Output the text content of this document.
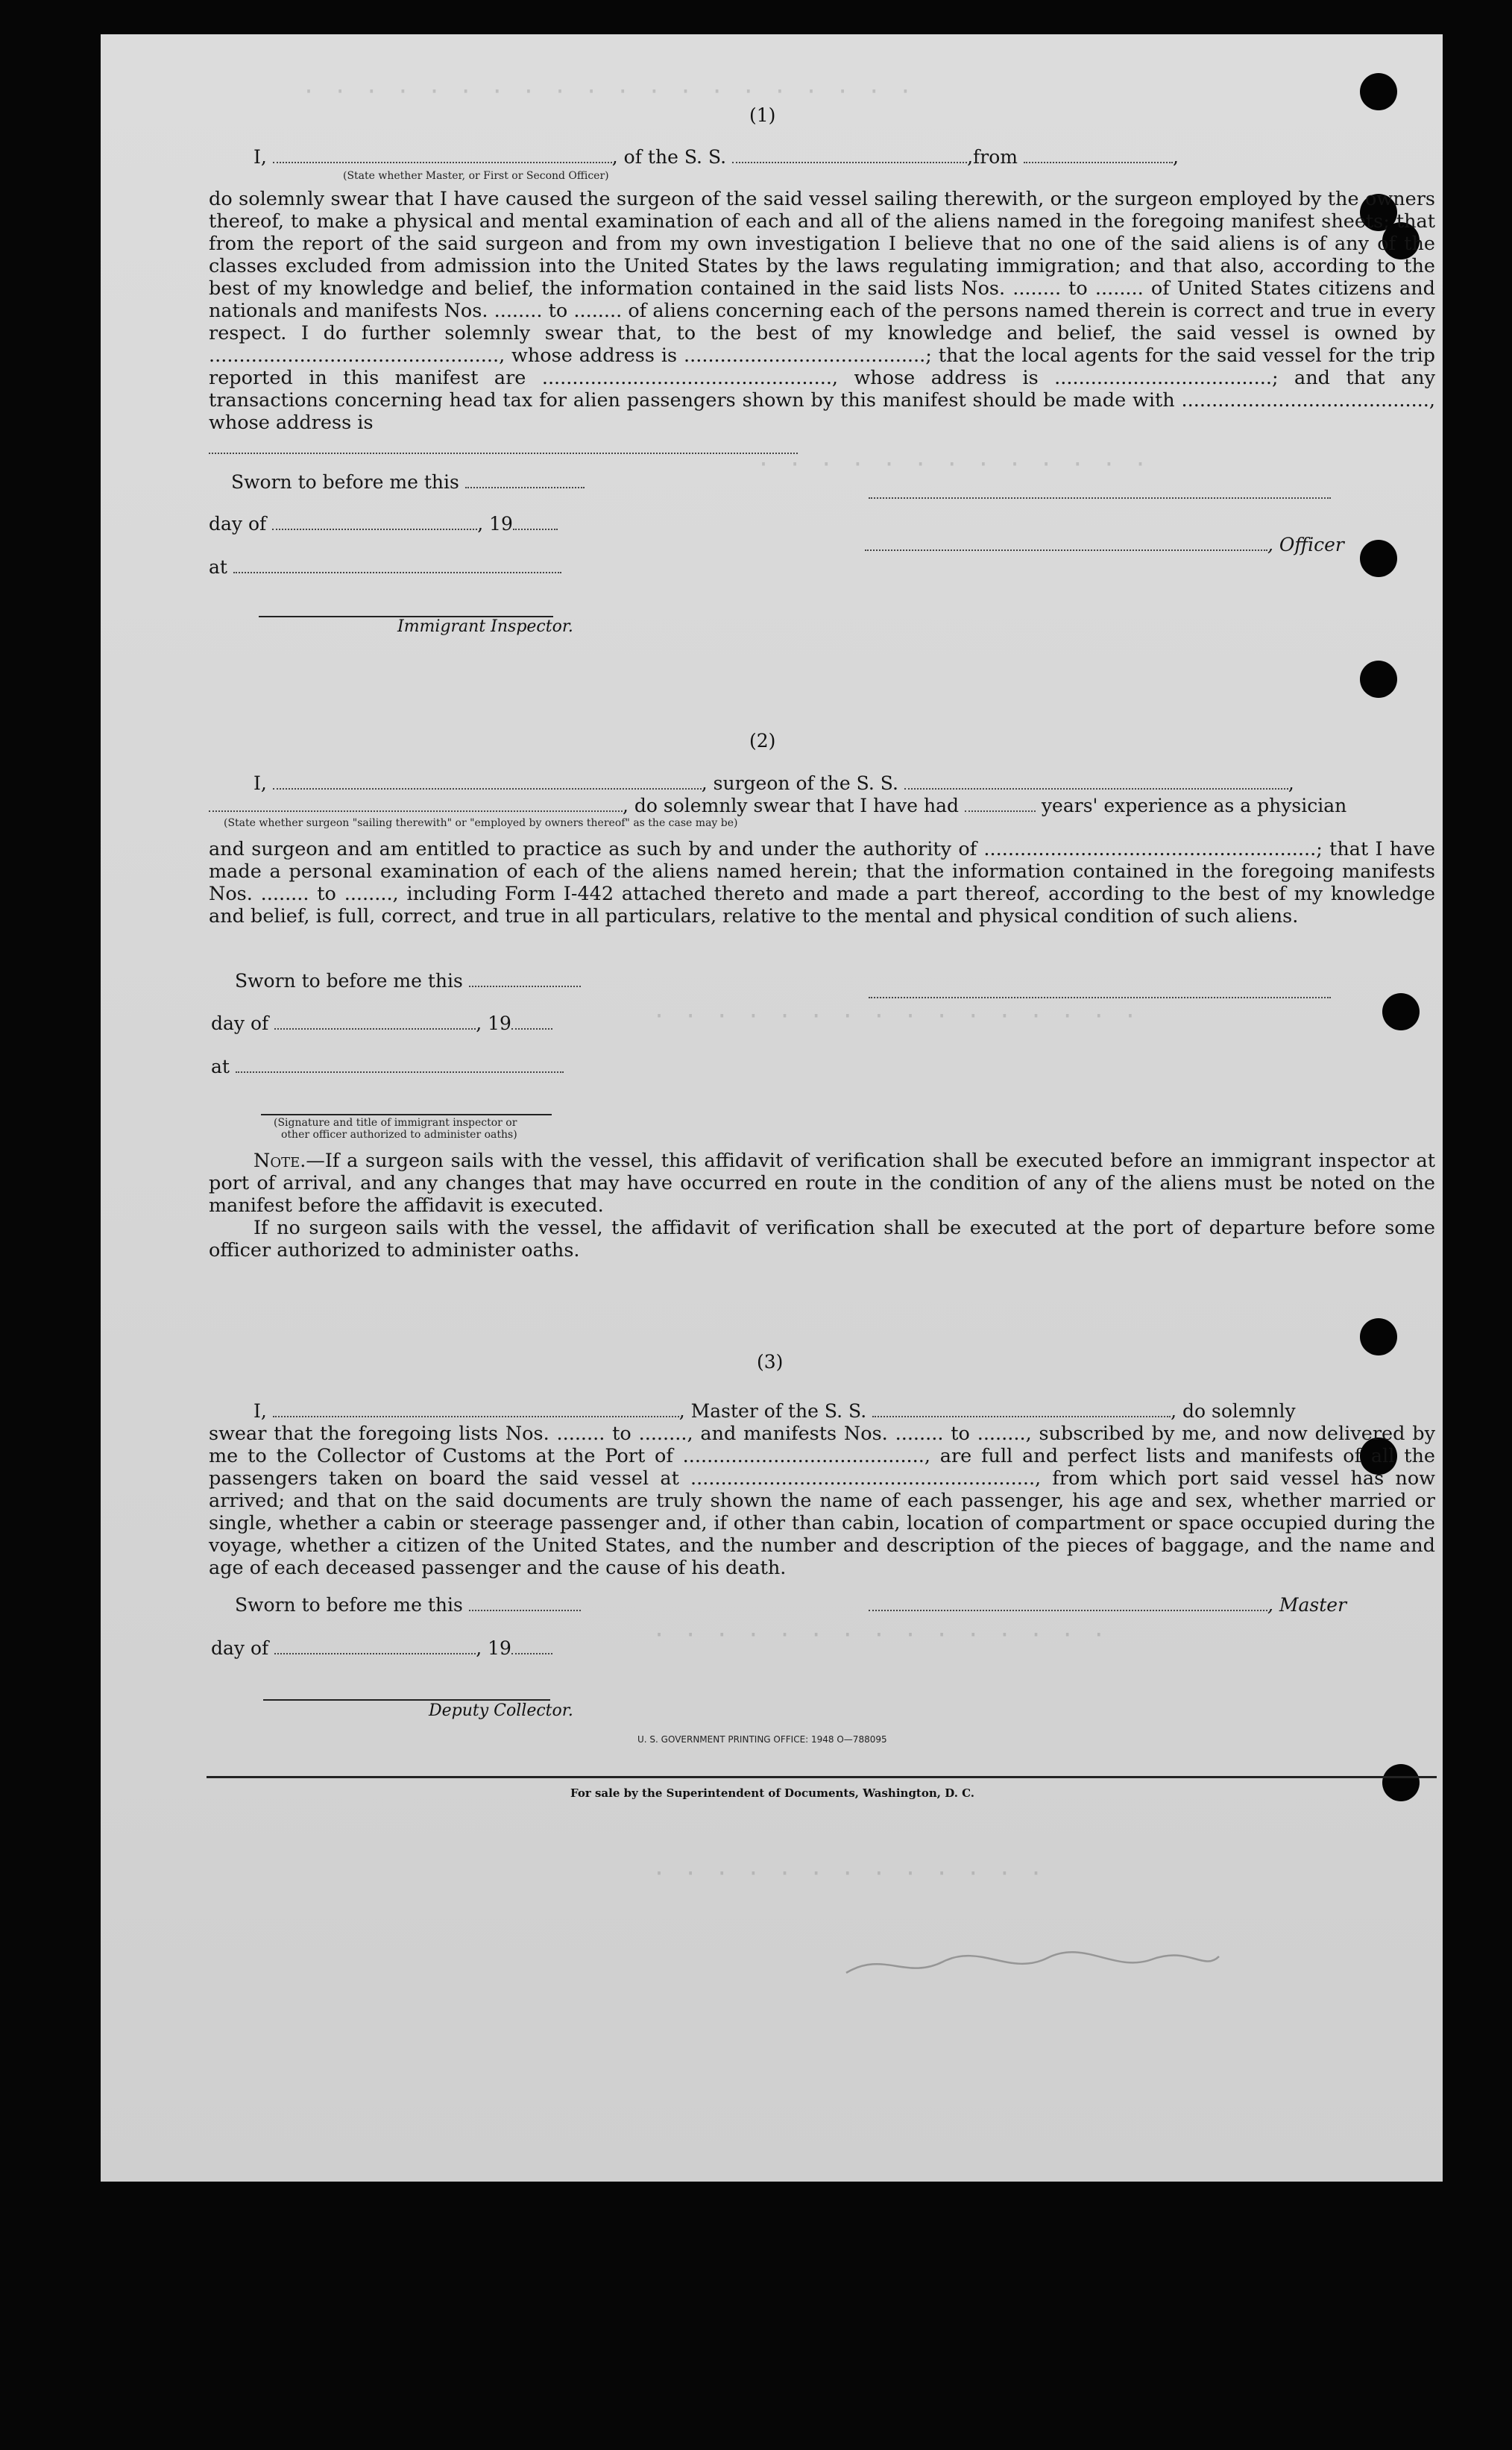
· · · · · · · · · · · · · · · · · · · ·
· · · · · · · · · · · · ·
· · · · · · · · · · · · · · · ·
· · · · · · · · · · · · · · ·
· · · · · · · · · · · · ·
(1)
I,	, of the S. S.	,from	,
(State whether Master, or First or Second Officer)
do solemnly swear that I have caused the surgeon of the said vessel sailing therewith, or the surgeon employed by the owners thereof, to make a physical and mental examination of each and all of the aliens named in the foregoing manifest sheets; that from the report of the said surgeon and from my own investigation I believe that no one of the said aliens is of any of the classes excluded from admission into the United States by the laws regulating immigration; and that also, according to the best of my knowledge and belief, the information contained in the said lists Nos. ........ to ........ of United States citizens and nationals and manifests Nos. ........ to ........ of aliens concerning each of the persons named therein is correct and true in every respect. I do further solemnly swear that, to the best of my knowledge and belief, the said vessel is owned by ................................................, whose address is ........................................; that the local agents for the said vessel for the trip reported in this manifest are ................................................, whose address is ....................................; and that any transactions concerning head tax for alien passengers shown by this manifest should be made with ........................................., whose address is
Sworn to before me this
day of	, 19
, Officer
at
Immigrant Inspector.
(2)
I,	, surgeon of the S. S.	,
, do solemnly swear that I have had	years' experience as a physician
(State whether surgeon "sailing therewith" or "employed by owners thereof" as the case may be)
and surgeon and am entitled to practice as such by and under the authority of .......................................................; that I have made a personal examination of each of the aliens named herein; that the information contained in the foregoing manifests Nos. ........ to ........, including Form I-442 attached thereto and made a part thereof, according to the best of my knowledge and belief, is full, correct, and true in all particulars, relative to the mental and physical condition of such aliens.
Sworn to before me this
day of	, 19
at
(Signature and title of immigrant inspector or
other officer authorized to administer oaths)
Note.—If a surgeon sails with the vessel, this affidavit of verification shall be executed before an immigrant inspector at port of arrival, and any changes that may have occurred en route in the condition of any of the aliens must be noted on the manifest before the affidavit is executed.
If no surgeon sails with the vessel, the affidavit of verification shall be executed at the port of departure before some officer authorized to administer oaths.
(3)
I,	, Master of the S. S.	, do solemnly
swear that the foregoing lists Nos. ........ to ........, and manifests Nos. ........ to ........, subscribed by me, and now delivered by me to the Collector of Customs at the Port of ........................................, are full and perfect lists and manifests of all the passengers taken on board the said vessel at ........................................................., from which port said vessel has now arrived; and that on the said documents are truly shown the name of each passenger, his age and sex, whether married or single, whether a cabin or steerage passenger and, if other than cabin, location of compartment or space occupied during the voyage, whether a citizen of the United States, and the number and description of the pieces of baggage, and the name and age of each deceased passenger and the cause of his death.
Sworn to before me this	, Master
day of	, 19
Deputy Collector.
U. S. GOVERNMENT PRINTING OFFICE: 1948 O—788095
For sale by the Superintendent of Documents, Washington, D. C.
